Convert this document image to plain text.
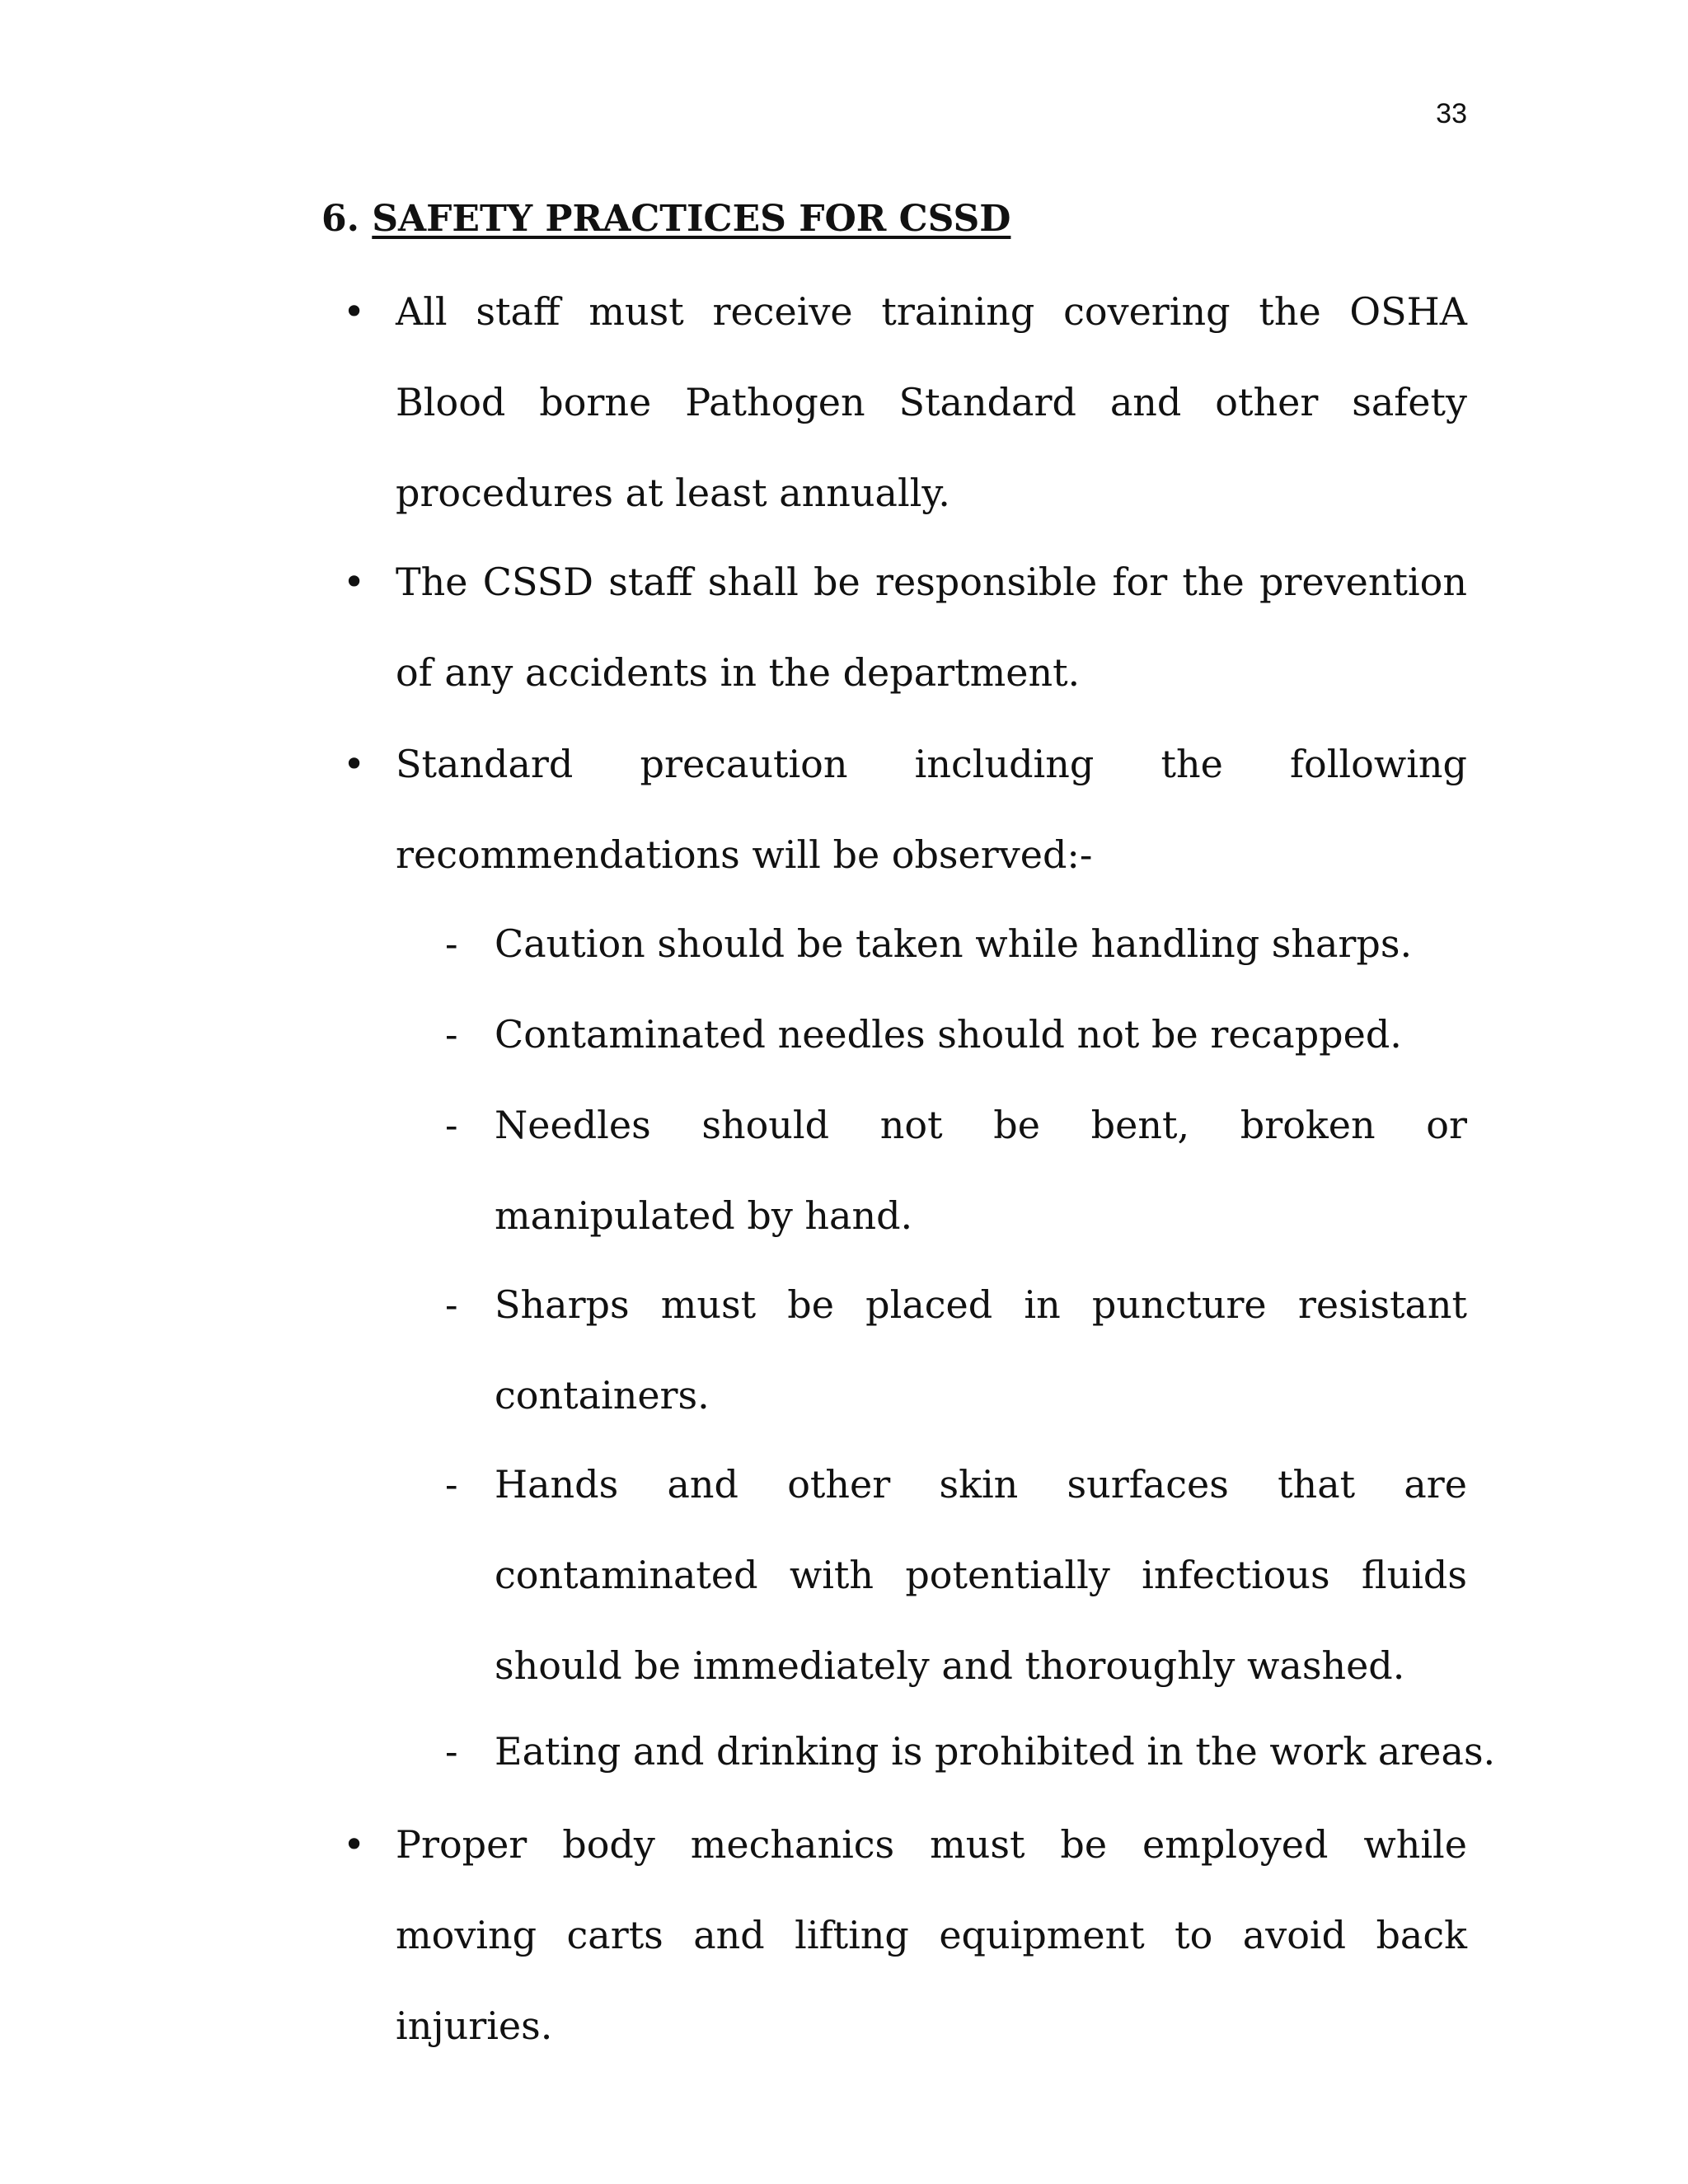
33
6. SAFETY PRACTICES FOR CSSD
• All staff must receive training covering the OSHA Blood borne Pathogen Standard and other safety procedures at least annually.

• The CSSD staff shall be responsible for the prevention of any accidents in the department.

• Standard precaution including the following recommendations will be observed:-

- Caution should be taken while handling sharps.

- Contaminated needles should not be recapped.

- Needles should not be bent, broken or manipulated by hand.

- Sharps must be placed in puncture resistant containers.

- Hands and other skin surfaces that are contaminated with potentially infectious fluids should be immediately and thoroughly washed.

- Eating and drinking is prohibited in the work areas.

• Proper body mechanics must be employed while moving carts and lifting equipment to avoid back injuries.
